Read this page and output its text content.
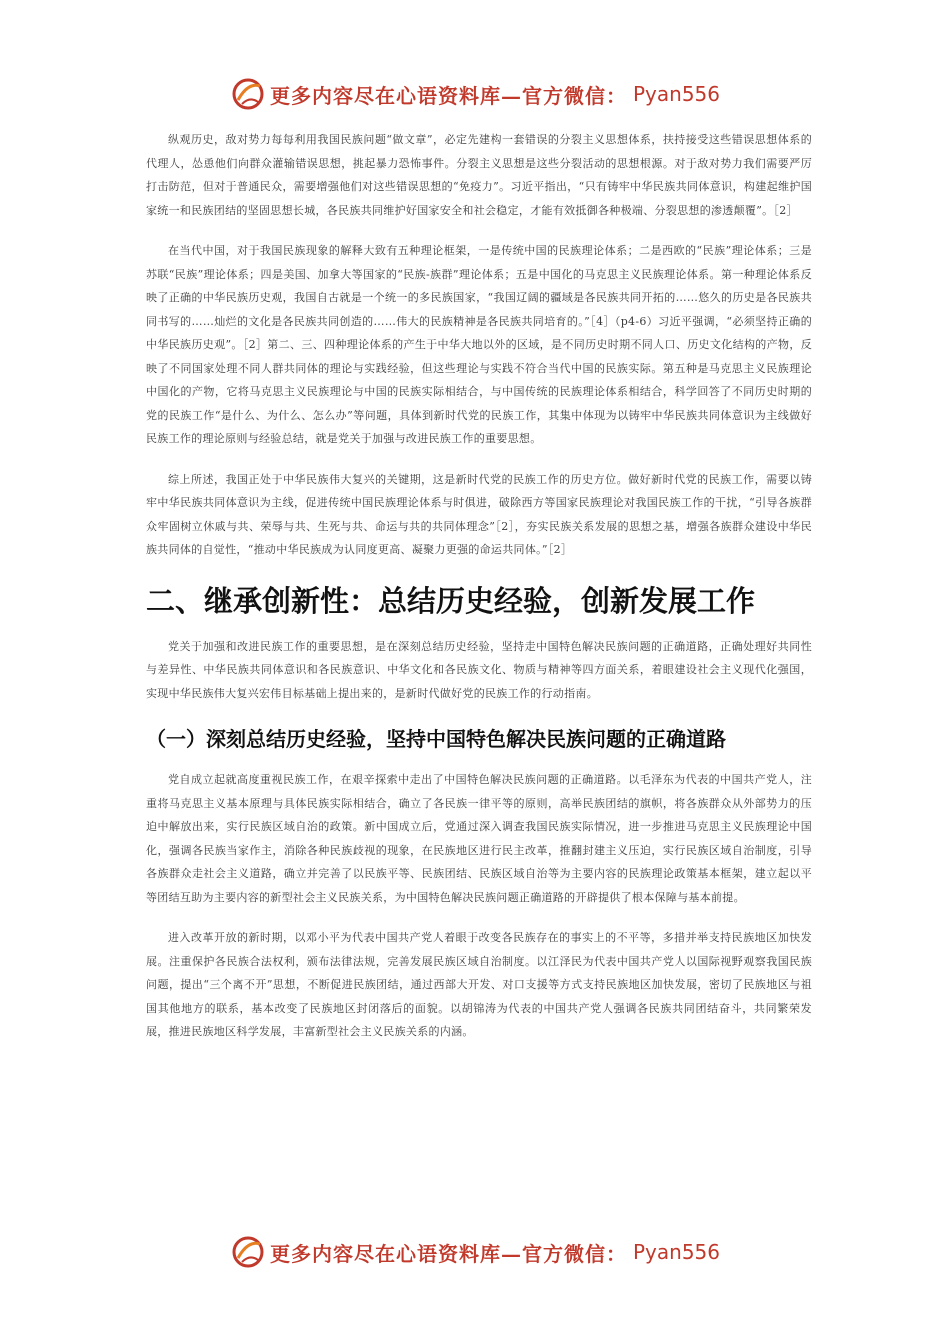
更多内容尽在心语资料库—官方微信： Pyan556

纵观历史，敌对势力每每利用我国民族问题“做文章”，必定先建构一套错误的分裂主义思想体系，扶持接受这些错误思想体系的代理人，怂恿他们向群众灌输错误思想，挑起暴力恐怖事件。分裂主义思想是这些分裂活动的思想根源。对于敌对势力我们需要严厉打击防范，但对于普通民众，需要增强他们对这些错误思想的“免疫力”。习近平指出，“只有铸牢中华民族共同体意识，构建起维护国家统一和民族团结的坚固思想长城，各民族共同维护好国家安全和社会稳定，才能有效抵御各种极端、分裂思想的渗透颠覆”。［2］

在当代中国，对于我国民族现象的解释大致有五种理论框架，一是传统中国的民族理论体系；二是西欧的“民族”理论体系；三是苏联“民族”理论体系；四是美国、加拿大等国家的“民族-族群”理论体系；五是中国化的马克思主义民族理论体系。第一种理论体系反映了正确的中华民族历史观，我国自古就是一个统一的多民族国家，“我国辽阔的疆域是各民族共同开拓的……悠久的历史是各民族共同书写的……灿烂的文化是各民族共同创造的……伟大的民族精神是各民族共同培育的。”［4］（p4-6）习近平强调，“必须坚持正确的中华民族历史观”。［2］第二、三、四种理论体系的产生于中华大地以外的区域，是不同历史时期不同人口、历史文化结构的产物，反映了不同国家处理不同人群共同体的理论与实践经验，但这些理论与实践不符合当代中国的民族实际。第五种是马克思主义民族理论中国化的产物，它将马克思主义民族理论与中国的民族实际相结合，与中国传统的民族理论体系相结合，科学回答了不同历史时期的党的民族工作“是什么、为什么、怎么办”等问题，具体到新时代党的民族工作，其集中体现为以铸牢中华民族共同体意识为主线做好民族工作的理论原则与经验总结，就是党关于加强与改进民族工作的重要思想。

综上所述，我国正处于中华民族伟大复兴的关键期，这是新时代党的民族工作的历史方位。做好新时代党的民族工作，需要以铸牢中华民族共同体意识为主线，促进传统中国民族理论体系与时俱进，破除西方等国家民族理论对我国民族工作的干扰，“引导各族群众牢固树立休戚与共、荣辱与共、生死与共、命运与共的共同体理念”［2］，夯实民族关系发展的思想之基，增强各族群众建设中华民族共同体的自觉性，“推动中华民族成为认同度更高、凝聚力更强的命运共同体。”［2］

二、继承创新性：总结历史经验，创新发展工作

党关于加强和改进民族工作的重要思想，是在深刻总结历史经验，坚持走中国特色解决民族问题的正确道路，正确处理好共同性与差异性、中华民族共同体意识和各民族意识、中华文化和各民族文化、物质与精神等四方面关系，着眼建设社会主义现代化强国，实现中华民族伟大复兴宏伟目标基础上提出来的，是新时代做好党的民族工作的行动指南。

（一）深刻总结历史经验，坚持中国特色解决民族问题的正确道路

党自成立起就高度重视民族工作，在艰辛探索中走出了中国特色解决民族问题的正确道路。以毛泽东为代表的中国共产党人，注重将马克思主义基本原理与具体民族实际相结合，确立了各民族一律平等的原则，高举民族团结的旗帜，将各族群众从外部势力的压迫中解放出来，实行民族区域自治的政策。新中国成立后，党通过深入调查我国民族实际情况，进一步推进马克思主义民族理论中国化，强调各民族当家作主，消除各种民族歧视的现象，在民族地区进行民主改革，推翻封建主义压迫，实行民族区域自治制度，引导各族群众走社会主义道路，确立并完善了以民族平等、民族团结、民族区域自治等为主要内容的民族理论政策基本框架，建立起以平等团结互助为主要内容的新型社会主义民族关系，为中国特色解决民族问题正确道路的开辟提供了根本保障与基本前提。

进入改革开放的新时期，以邓小平为代表中国共产党人着眼于改变各民族存在的事实上的不平等，多措并举支持民族地区加快发展。注重保护各民族合法权利，颁布法律法规，完善发展民族区域自治制度。以江泽民为代表中国共产党人以国际视野观察我国民族问题，提出“三个离不开”思想，不断促进民族团结，通过西部大开发、对口支援等方式支持民族地区加快发展，密切了民族地区与祖国其他地方的联系，基本改变了民族地区封闭落后的面貌。以胡锦涛为代表的中国共产党人强调各民族共同团结奋斗，共同繁荣发展，推进民族地区科学发展，丰富新型社会主义民族关系的内涵。

更多内容尽在心语资料库—官方微信： Pyan556
